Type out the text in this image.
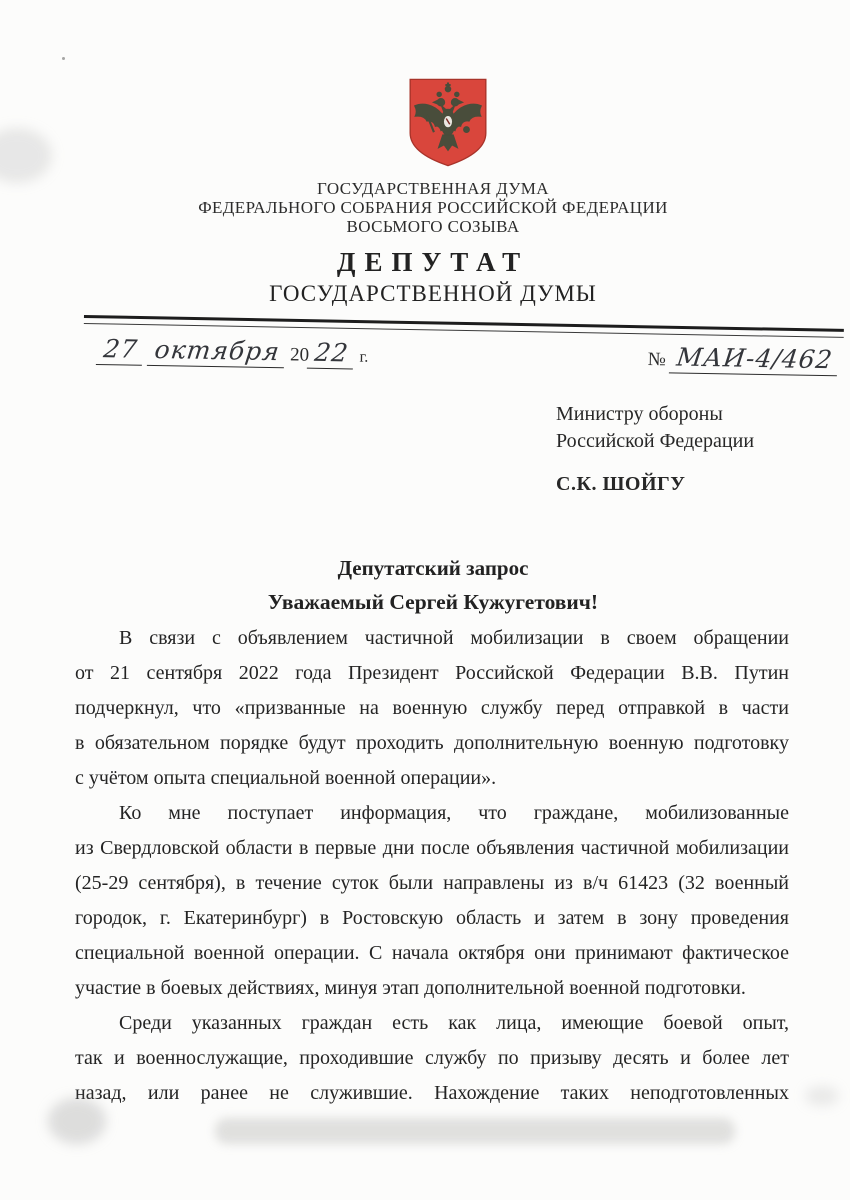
ГОСУДАРСТВЕННАЯ ДУМА
ФЕДЕРАЛЬНОГО СОБРАНИЯ РОССИЙСКОЙ ФЕДЕРАЦИИ
ВОСЬМОГО СОЗЫВА
ДЕПУТАТ
ГОСУДАРСТВЕННОЙ ДУМЫ
27 октября 20 22 г.	№ МАИ-4/462
Министру обороны
Российской Федерации
С.К. ШОЙГУ
Депутатский запрос
Уважаемый Сергей Кужугетович!
В связи с объявлением частичной мобилизации в своем обращении
от 21 сентября 2022 года Президент Российской Федерации В.В. Путин
подчеркнул, что «призванные на военную службу перед отправкой в части
в обязательном порядке будут проходить дополнительную военную подготовку
с учётом опыта специальной военной операции».
Ко мне поступает информация, что граждане, мобилизованные
из Свердловской области в первые дни после объявления частичной мобилизации
(25-29 сентября), в течение суток были направлены из в/ч 61423 (32 военный
городок, г. Екатеринбург) в Ростовскую область и затем в зону проведения
специальной военной операции. С начала октября они принимают фактическое
участие в боевых действиях, минуя этап дополнительной военной подготовки.
Среди указанных граждан есть как лица, имеющие боевой опыт,
так и военнослужащие, проходившие службу по призыву десять и более лет
назад, или ранее не служившие. Нахождение таких неподготовленных
